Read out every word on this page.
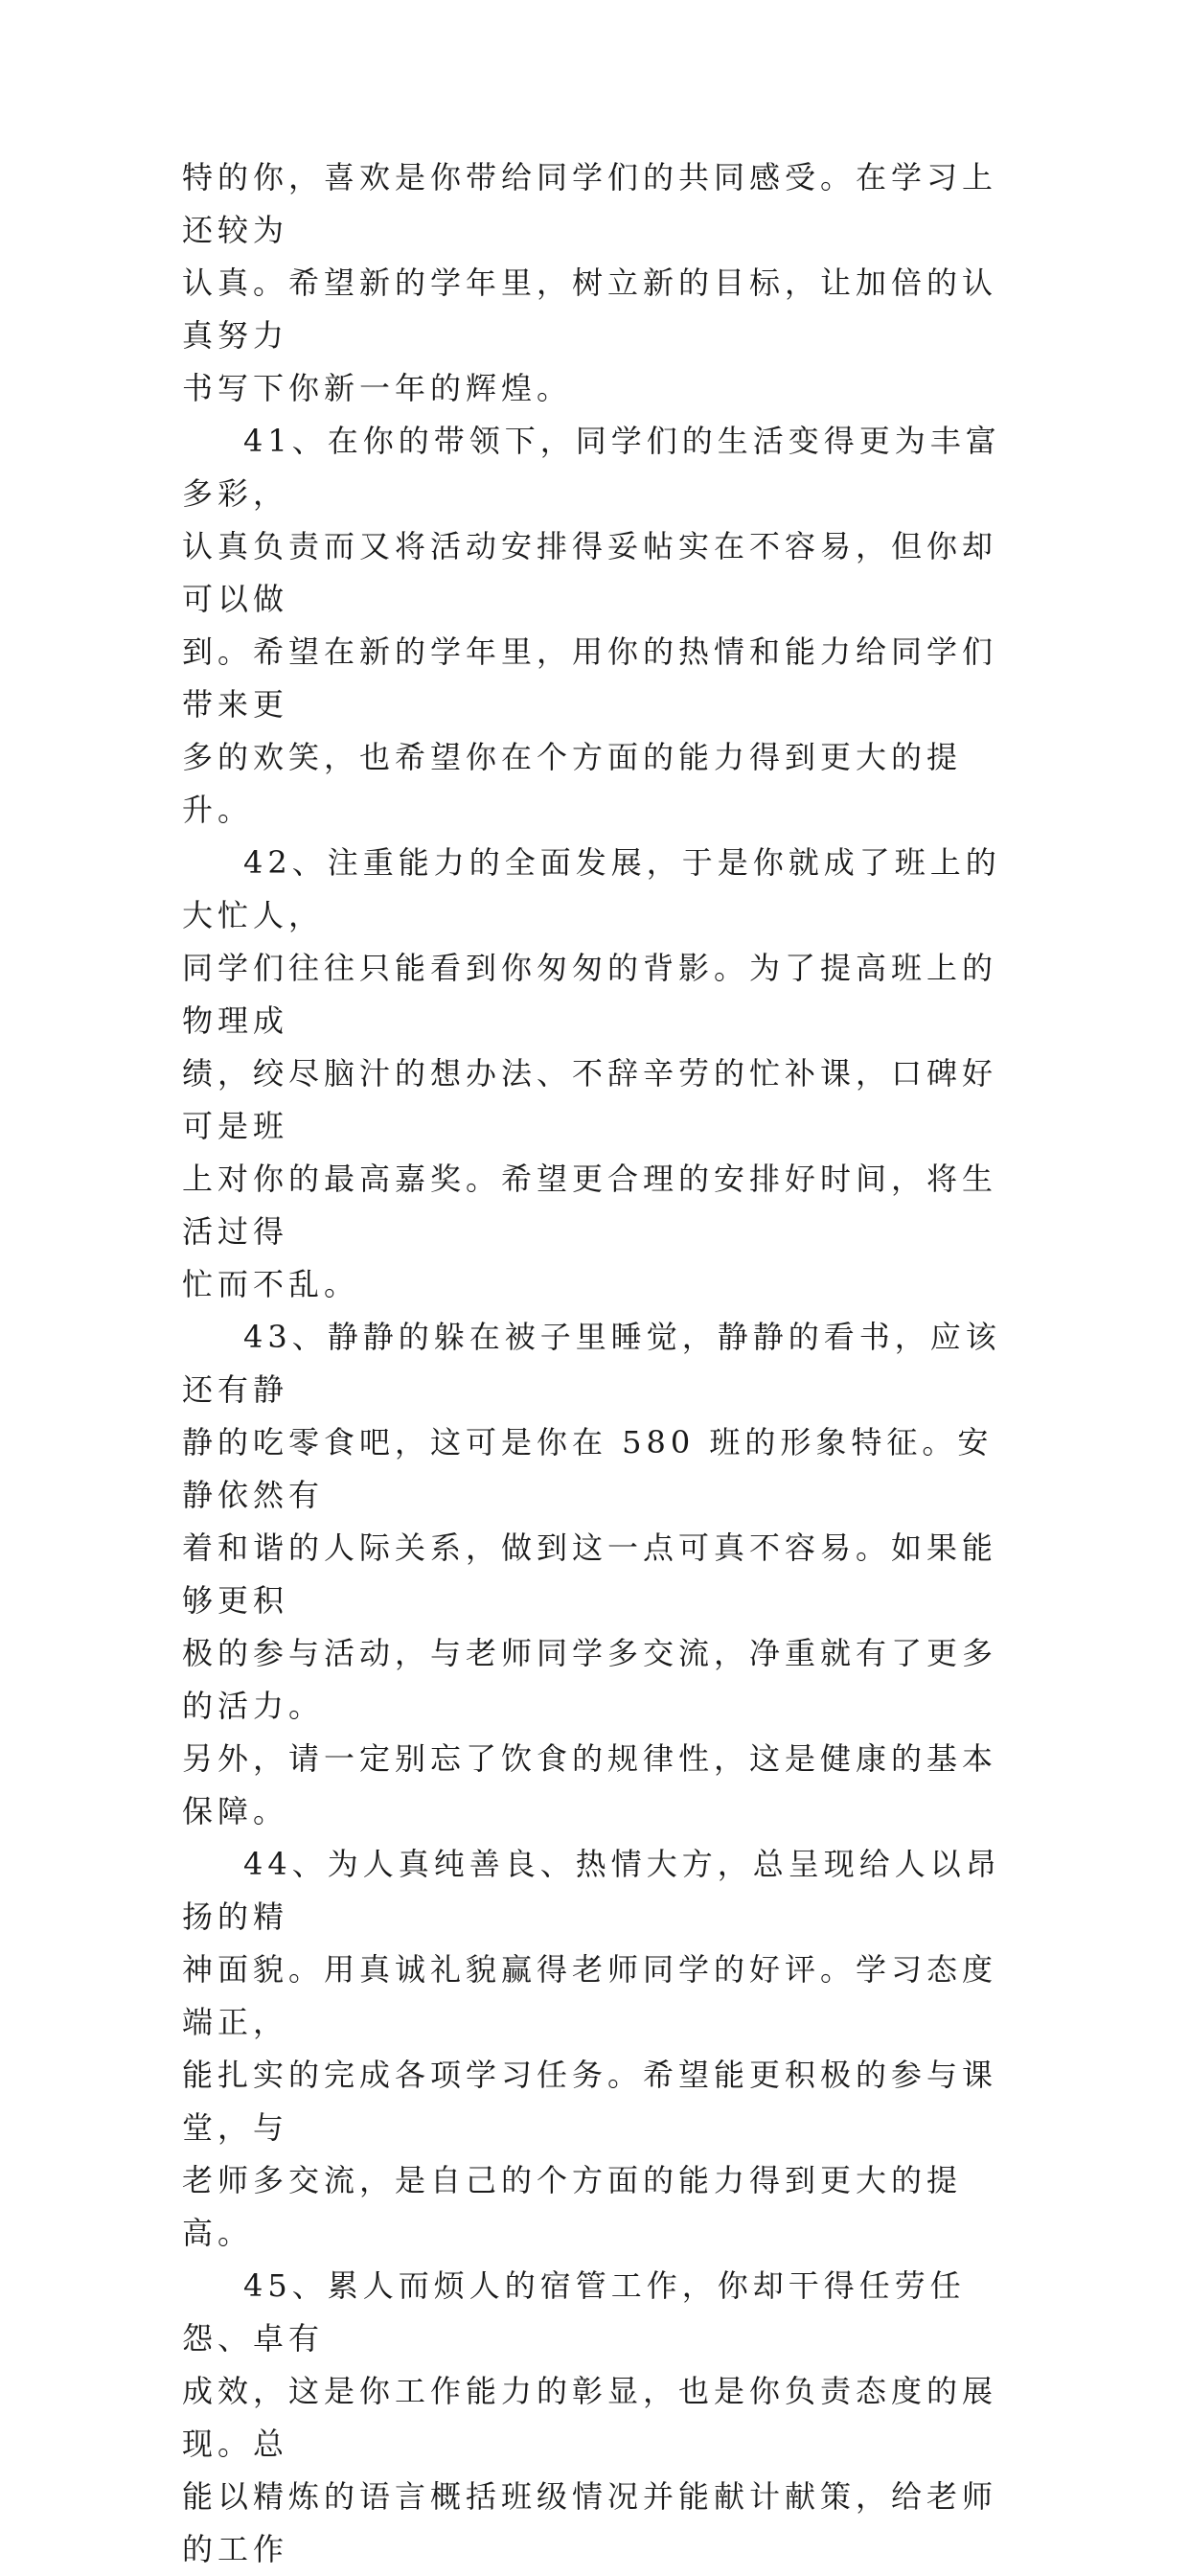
特的你，喜欢是你带给同学们的共同感受。在学习上还较为
认真。希望新的学年里，树立新的目标，让加倍的认真努力
书写下你新一年的辉煌。
41、在你的带领下，同学们的生活变得更为丰富多彩，
认真负责而又将活动安排得妥帖实在不容易，但你却可以做
到。希望在新的学年里，用你的热情和能力给同学们带来更
多的欢笑，也希望你在个方面的能力得到更大的提升。
42、注重能力的全面发展，于是你就成了班上的大忙人，
同学们往往只能看到你匆匆的背影。为了提高班上的物理成
绩，绞尽脑汁的想办法、不辞辛劳的忙补课，口碑好可是班
上对你的最高嘉奖。希望更合理的安排好时间，将生活过得
忙而不乱。
43、静静的躲在被子里睡觉，静静的看书，应该还有静
静的吃零食吧，这可是你在 580 班的形象特征。安静依然有
着和谐的人际关系，做到这一点可真不容易。如果能够更积
极的参与活动，与老师同学多交流，净重就有了更多的活力。
另外，请一定别忘了饮食的规律性，这是健康的基本保障。
44、为人真纯善良、热情大方，总呈现给人以昂扬的精
神面貌。用真诚礼貌赢得老师同学的好评。学习态度端正，
能扎实的完成各项学习任务。希望能更积极的参与课堂，与
老师多交流，是自己的个方面的能力得到更大的提高。
45、累人而烦人的宿管工作，你却干得任劳任怨、卓有
成效，这是你工作能力的彰显，也是你负责态度的展现。总
能以精炼的语言概括班级情况并能献计献策，给老师的工作
